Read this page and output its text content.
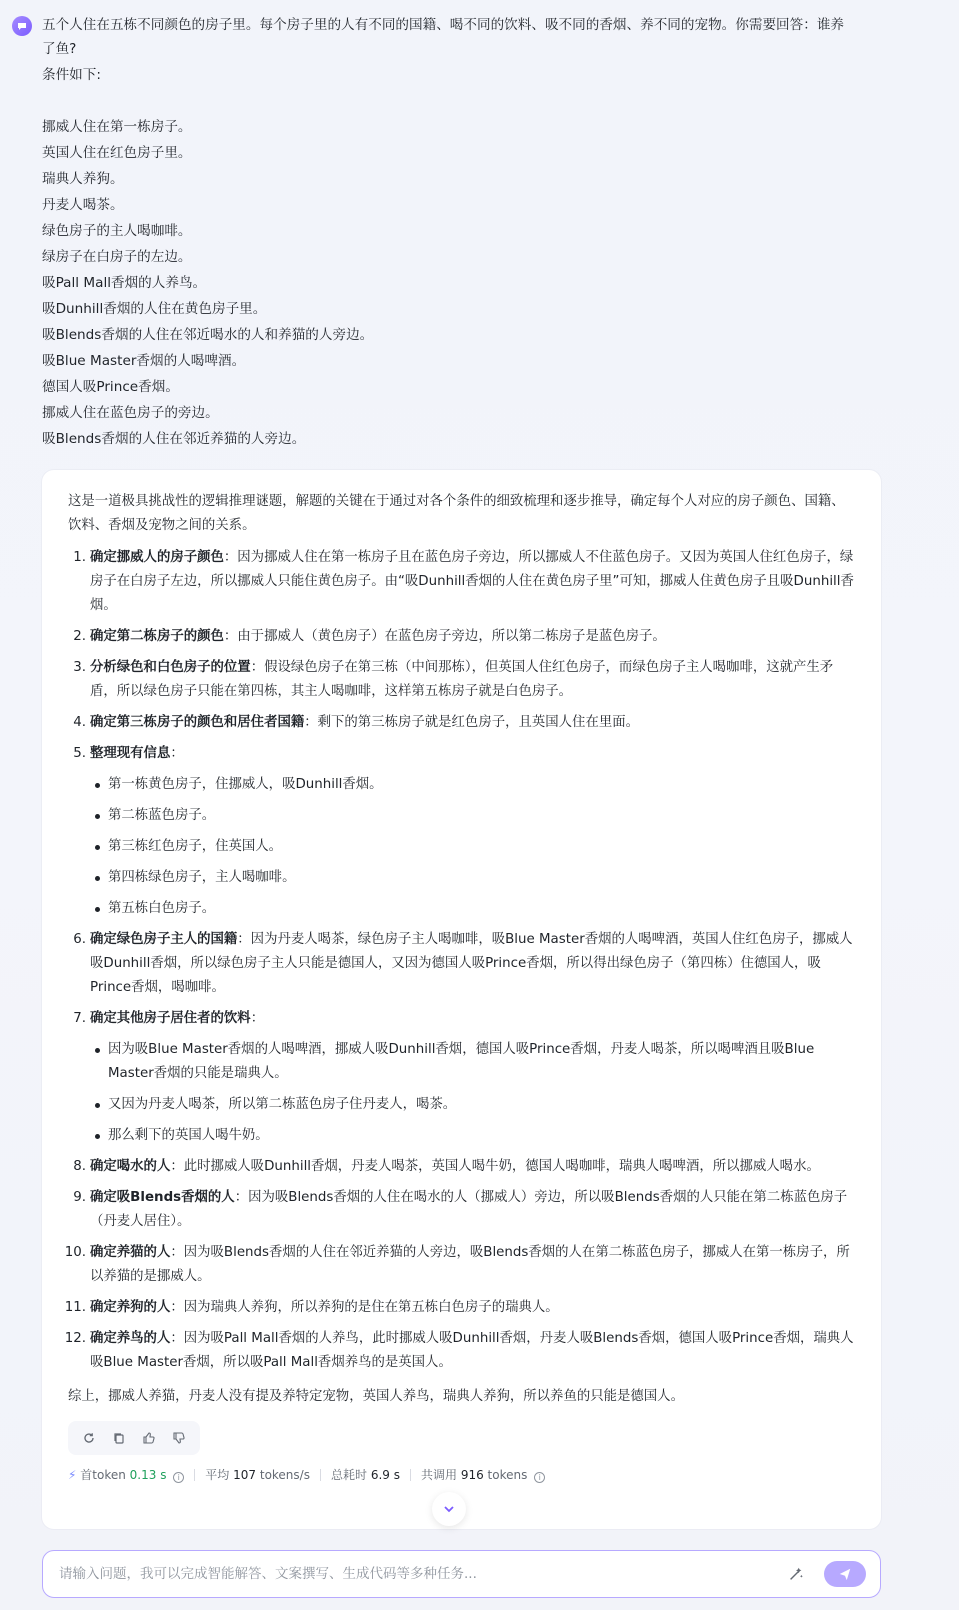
五个人住在五栋不同颜色的房子里。每个房子里的人有不同的国籍、喝不同的饮料、吸不同的香烟、养不同的宠物。你需要回答：谁养

了鱼?

条件如下:

挪威人住在第一栋房子。

英国人住在红色房子里。

瑞典人养狗。

丹麦人喝茶。

绿色房子的主人喝咖啡。

绿房子在白房子的左边。

吸Pall Mall香烟的人养鸟。

吸Dunhill香烟的人住在黄色房子里。

吸Blends香烟的人住在邻近喝水的人和养猫的人旁边。

吸Blue Master香烟的人喝啤酒。

德国人吸Prince香烟。

挪威人住在蓝色房子的旁边。

吸Blends香烟的人住在邻近养猫的人旁边。

这是一道极具挑战性的逻辑推理谜题，解题的关键在于通过对各个条件的细致梳理和逐步推导，确定每个人对应的房子颜色、国籍、饮料、香烟及宠物之间的关系。

1. 确定挪威人的房子颜色：因为挪威人住在第一栋房子且在蓝色房子旁边，所以挪威人不住蓝色房子。又因为英国人住红色房子，绿房子在白房子左边，所以挪威人只能住黄色房子。由“吸Dunhill香烟的人住在黄色房子里”可知，挪威人住黄色房子且吸Dunhill香烟。
2. 确定第二栋房子的颜色：由于挪威人（黄色房子）在蓝色房子旁边，所以第二栋房子是蓝色房子。
3. 分析绿色和白色房子的位置：假设绿色房子在第三栋（中间那栋），但英国人住红色房子，而绿色房子主人喝咖啡，这就产生矛盾，所以绿色房子只能在第四栋，其主人喝咖啡，这样第五栋房子就是白色房子。
4. 确定第三栋房子的颜色和居住者国籍：剩下的第三栋房子就是红色房子，且英国人住在里面。
5. 整理现有信息：
第一栋黄色房子，住挪威人，吸Dunhill香烟。
第二栋蓝色房子。
第三栋红色房子，住英国人。
第四栋绿色房子，主人喝咖啡。
第五栋白色房子。
6. 确定绿色房子主人的国籍：因为丹麦人喝茶，绿色房子主人喝咖啡，吸Blue Master香烟的人喝啤酒，英国人住红色房子，挪威人吸Dunhill香烟，所以绿色房子主人只能是德国人，又因为德国人吸Prince香烟，所以得出绿色房子（第四栋）住德国人，吸Prince香烟，喝咖啡。
7. 确定其他房子居住者的饮料：
因为吸Blue Master香烟的人喝啤酒，挪威人吸Dunhill香烟，德国人吸Prince香烟，丹麦人喝茶，所以喝啤酒且吸Blue Master香烟的只能是瑞典人。
又因为丹麦人喝茶，所以第二栋蓝色房子住丹麦人，喝茶。
那么剩下的英国人喝牛奶。
8. 确定喝水的人：此时挪威人吸Dunhill香烟，丹麦人喝茶，英国人喝牛奶，德国人喝咖啡，瑞典人喝啤酒，所以挪威人喝水。
9. 确定吸Blends香烟的人：因为吸Blends香烟的人住在喝水的人（挪威人）旁边，所以吸Blends香烟的人只能在第二栋蓝色房子（丹麦人居住）。
10. 确定养猫的人：因为吸Blends香烟的人住在邻近养猫的人旁边，吸Blends香烟的人在第二栋蓝色房子，挪威人在第一栋房子，所以养猫的是挪威人。
11. 确定养狗的人：因为瑞典人养狗，所以养狗的是住在第五栋白色房子的瑞典人。
12. 确定养鸟的人：因为吸Pall Mall香烟的人养鸟，此时挪威人吸Dunhill香烟，丹麦人吸Blends香烟，德国人吸Prince香烟，瑞典人吸Blue Master香烟，所以吸Pall Mall香烟养鸟的是英国人。

综上，挪威人养猫，丹麦人没有提及养特定宠物，英国人养鸟，瑞典人养狗，所以养鱼的只能是德国人。

⚡ 首token 0.13 s i	平均 107 tokens/s 总耗时 6.9 s 共调用 916 tokens i
请输入问题，我可以完成智能解答、文案撰写、生成代码等多种任务...
